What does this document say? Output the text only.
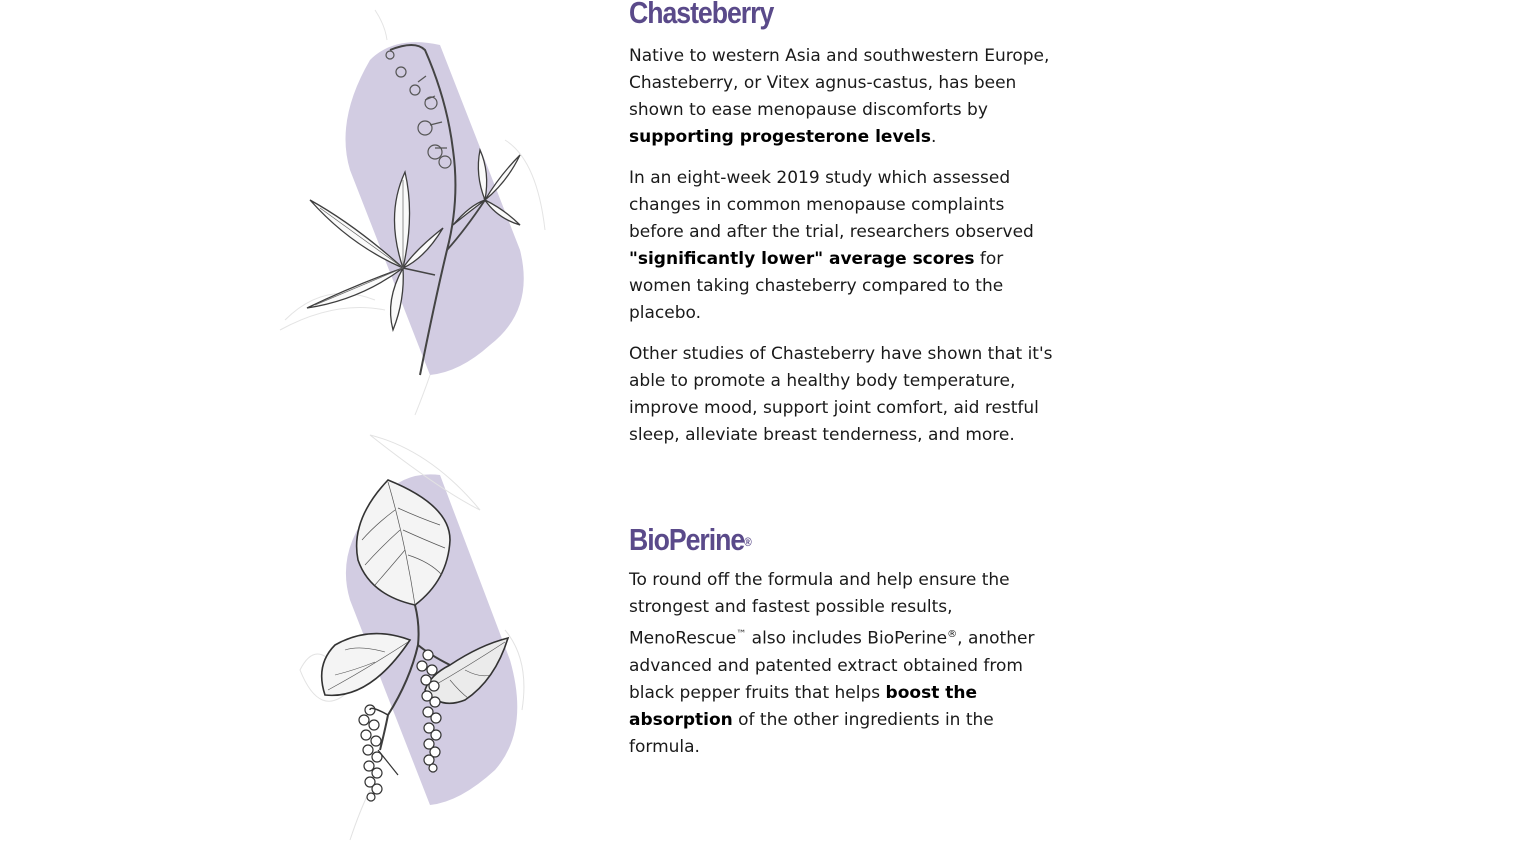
Chasteberry

Native to western Asia and southwestern Europe, Chasteberry, or Vitex agnus-castus, has been shown to ease menopause discomforts by supporting progesterone levels.

In an eight-week 2019 study which assessed changes in common menopause complaints before and after the trial, researchers observed "significantly lower" average scores for women taking chasteberry compared to the placebo.

Other studies of Chasteberry have shown that it's able to promote a healthy body temperature, improve mood, support joint comfort, aid restful sleep, alleviate breast tenderness, and more.

BioPerine®

To round off the formula and help ensure the strongest and fastest possible results, MenoRescue™ also includes BioPerine®, another advanced and patented extract obtained from black pepper fruits that helps boost the absorption of the other ingredients in the formula.
